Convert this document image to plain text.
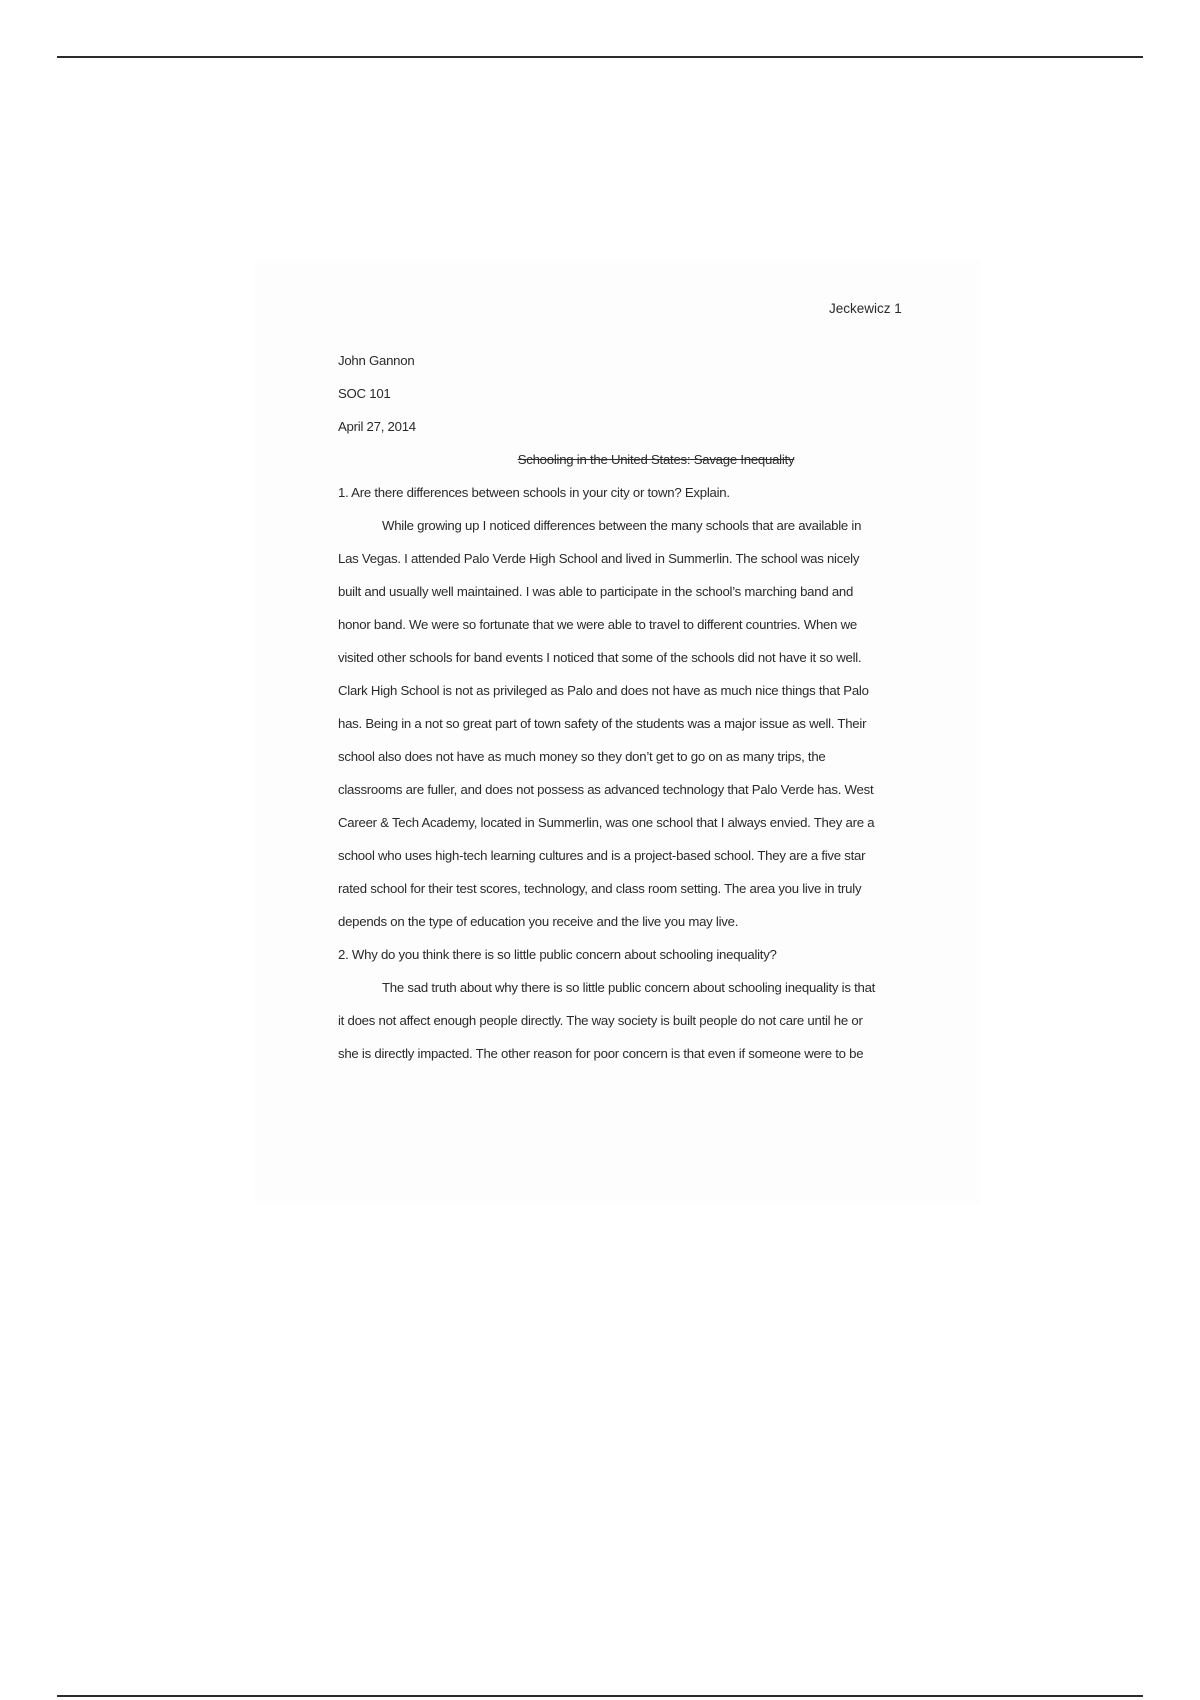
Jeckewicz 1
John Gannon
SOC 101
April 27, 2014
Schooling in the United States: Savage Inequality
1. Are there differences between schools in your city or town? Explain.
While growing up I noticed differences between the many schools that are available in
Las Vegas. I attended Palo Verde High School and lived in Summerlin. The school was nicely
built and usually well maintained. I was able to participate in the school’s marching band and
honor band. We were so fortunate that we were able to travel to different countries. When we
visited other schools for band events I noticed that some of the schools did not have it so well.
Clark High School is not as privileged as Palo and does not have as much nice things that Palo
has. Being in a not so great part of town safety of the students was a major issue as well. Their
school also does not have as much money so they don’t get to go on as many trips, the
classrooms are fuller, and does not possess as advanced technology that Palo Verde has. West
Career & Tech Academy, located in Summerlin, was one school that I always envied. They are a
school who uses high-tech learning cultures and is a project-based school. They are a five star
rated school for their test scores, technology, and class room setting. The area you live in truly
depends on the type of education you receive and the live you may live.
2. Why do you think there is so little public concern about schooling inequality?
The sad truth about why there is so little public concern about schooling inequality is that
it does not affect enough people directly. The way society is built people do not care until he or
she is directly impacted. The other reason for poor concern is that even if someone were to be
